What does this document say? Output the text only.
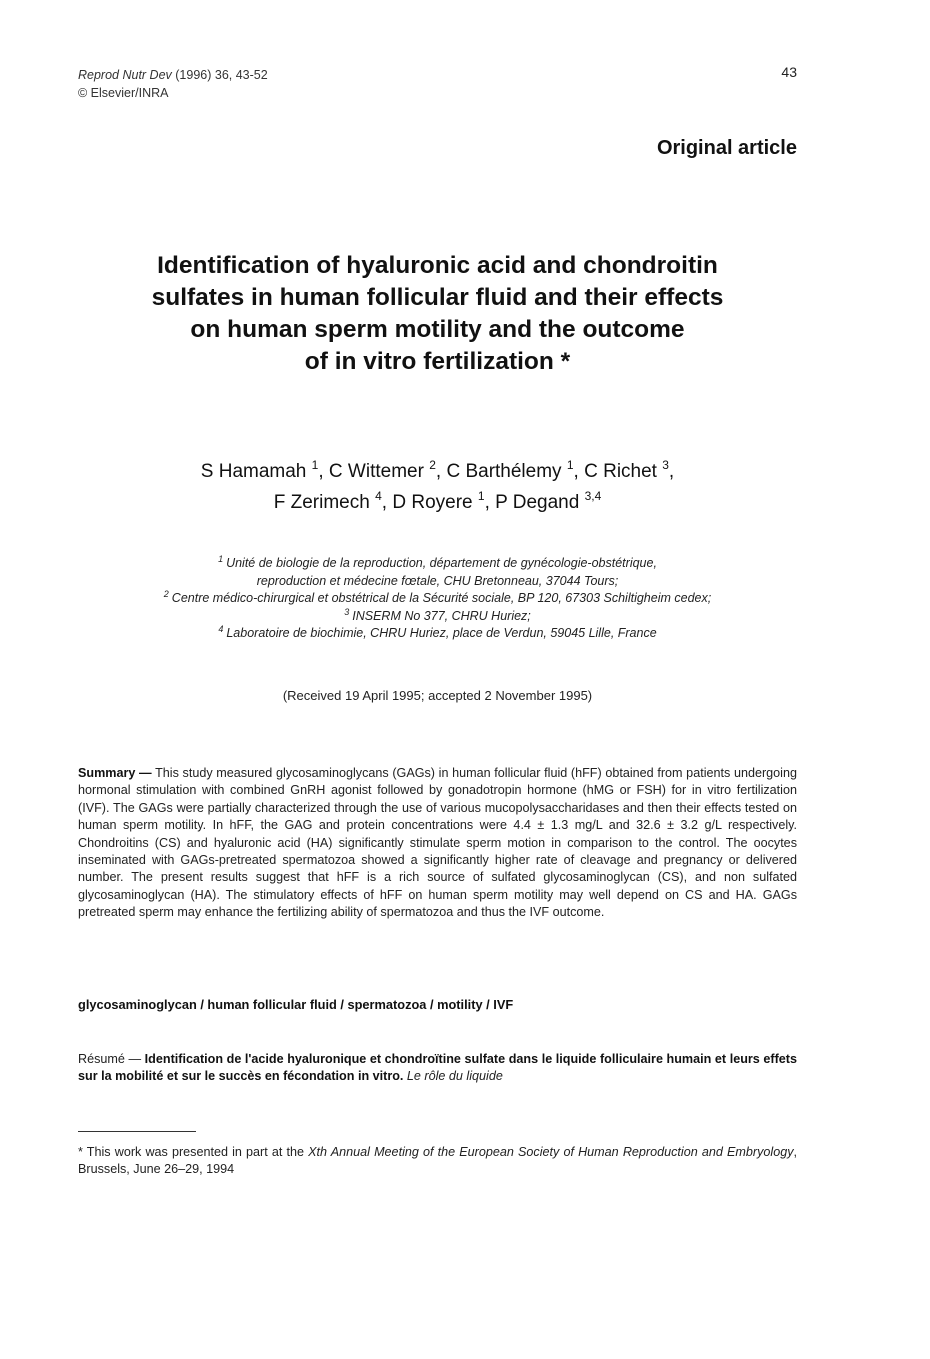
Reprod Nutr Dev (1996) 36, 43-52
© Elsevier/INRA
43
Original article
Identification of hyaluronic acid and chondroitin
sulfates in human follicular fluid and their effects
on human sperm motility and the outcome
of in vitro fertilization *
S Hamamah $^1$, C Wittemer $^2$, C Barthélemy $^1$, C Richet $^3$,
F Zerimech $^4$, D Royere $^1$, P Degand $^{3,4}$
$^1$ Unité de biologie de la reproduction, département de gynécologie-obstétrique,
reproduction et médecine fœtale, CHU Bretonneau, 37044 Tours;
$^2$ Centre médico-chirurgical et obstétrical de la Sécurité sociale, BP 120, 67303 Schiltigheim cedex;
$^3$ INSERM No 377, CHRU Huriez;
$^4$ Laboratoire de biochimie, CHRU Huriez, place de Verdun, 59045 Lille, France
(Received 19 April 1995; accepted 2 November 1995)
Summary — This study measured glycosaminoglycans (GAGs) in human follicular fluid (hFF) obtained from patients undergoing hormonal stimulation with combined GnRH agonist followed by gonadotropin hormone (hMG or FSH) for in vitro fertilization (IVF). The GAGs were partially characterized through the use of various mucopolysaccharidases and then their effects tested on human sperm motility. In hFF, the GAG and protein concentrations were 4.4 ± 1.3 mg/L and 32.6 ± 3.2 g/L respectively. Chondroitins (CS) and hyaluronic acid (HA) significantly stimulate sperm motion in comparison to the control. The oocytes inseminated with GAGs-pretreated spermatozoa showed a significantly higher rate of cleavage and pregnancy or delivered number. The present results suggest that hFF is a rich source of sulfated glycosaminoglycan (CS), and non sulfated glycosaminoglycan (HA). The stimulatory effects of hFF on human sperm motility may well depend on CS and HA. GAGs pretreated sperm may enhance the fertilizing ability of spermatozoa and thus the IVF outcome.
glycosaminoglycan / human follicular fluid / spermatozoa / motility / IVF
Résumé — Identification de l'acide hyaluronique et chondroïtine sulfate dans le liquide folliculaire humain et leurs effets sur la mobilité et sur le succès en fécondation in vitro. Le rôle du liquide
* This work was presented in part at the Xth Annual Meeting of the European Society of Human Reproduction and Embryology, Brussels, June 26–29, 1994
